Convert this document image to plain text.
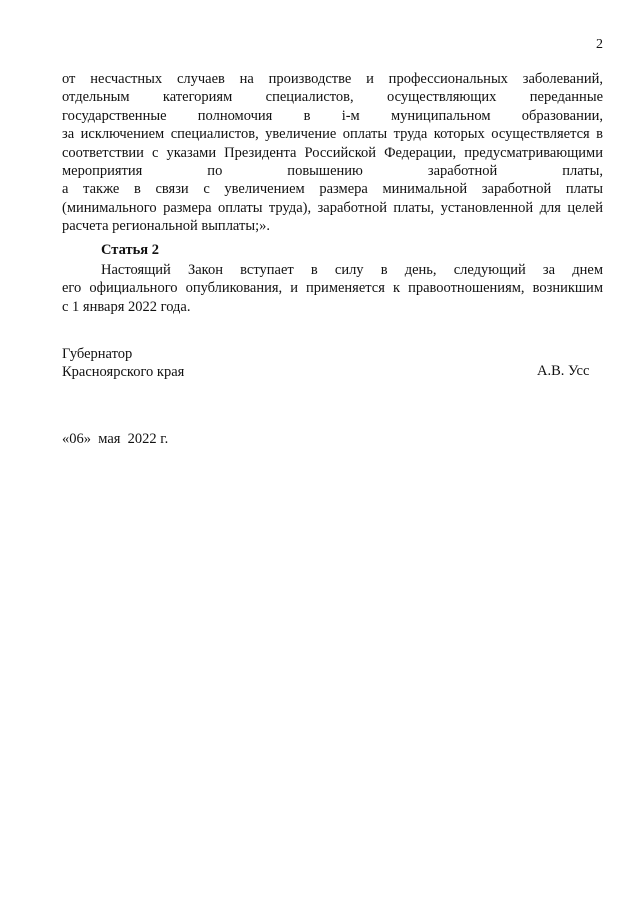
2
от несчастных случаев на производстве и профессиональных заболеваний,
отдельным категориям специалистов, осуществляющих переданные
государственные полномочия в i-м муниципальном образовании,
за исключением специалистов, увеличение оплаты труда которых осуществляется в
соответствии с указами Президента Российской Федерации, предусматривающими
мероприятия по повышению заработной платы,
а также в связи с увеличением размера минимальной заработной платы
(минимального размера оплаты труда), заработной платы, установленной для целей
расчета региональной выплаты;».
Статья 2
Настоящий Закон вступает в силу в день, следующий за днем
его официального опубликования, и применяется к правоотношениям, возникшим
с 1 января 2022 года.
Губернатор
Красноярского края	А.В. Усс
«06»  мая  2022 г.
